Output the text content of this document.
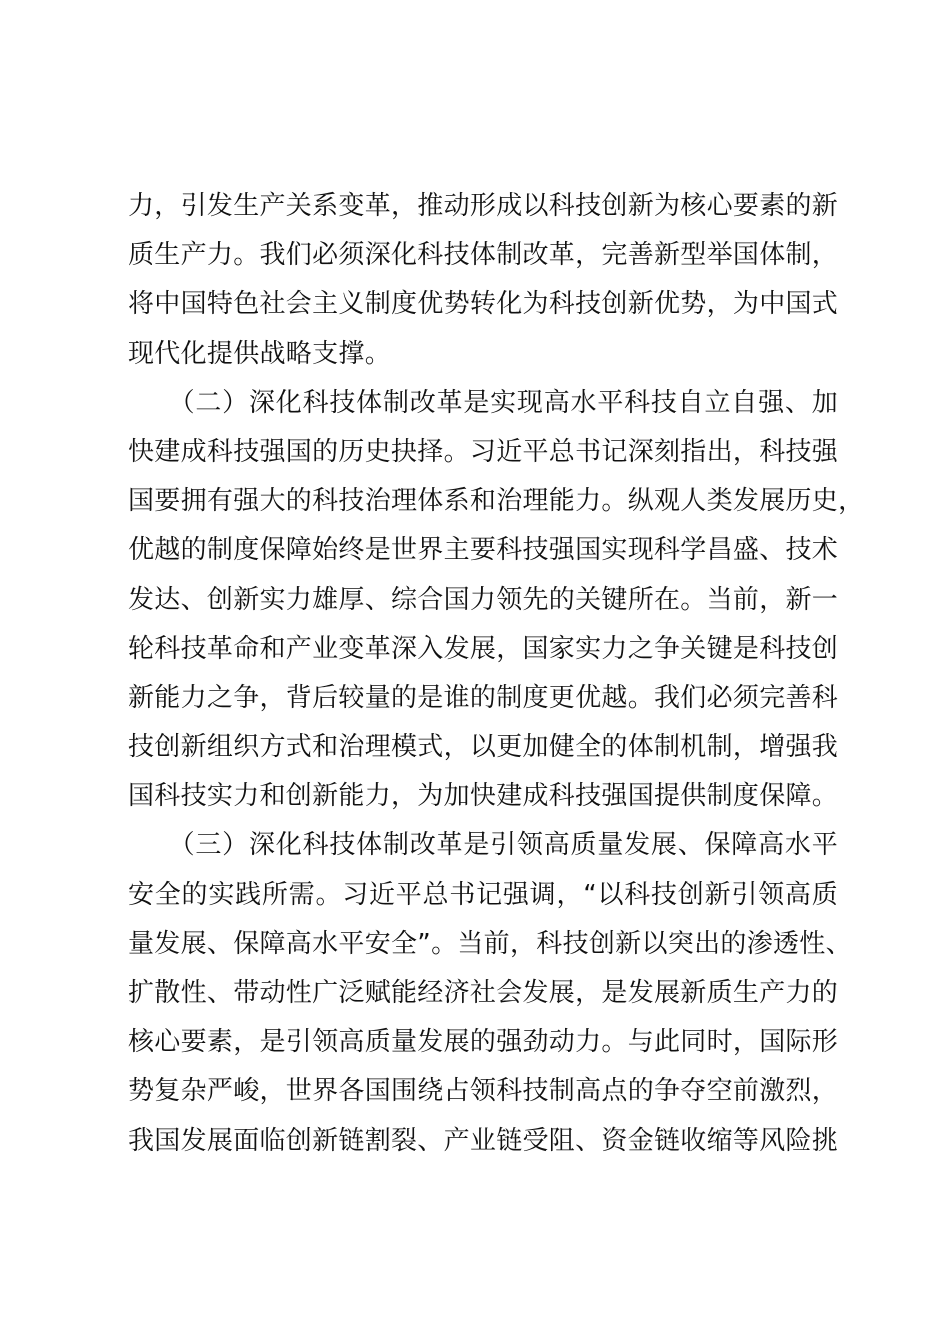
力，引发生产关系变革，推动形成以科技创新为核心要素的新
质生产力。我们必须深化科技体制改革，完善新型举国体制，
将中国特色社会主义制度优势转化为科技创新优势，为中国式
现代化提供战略支撑。
　　（二）深化科技体制改革是实现高水平科技自立自强、加
快建成科技强国的历史抉择。习近平总书记深刻指出，科技强
国要拥有强大的科技治理体系和治理能力。纵观人类发展历史，
优越的制度保障始终是世界主要科技强国实现科学昌盛、技术
发达、创新实力雄厚、综合国力领先的关键所在。当前，新一
轮科技革命和产业变革深入发展，国家实力之争关键是科技创
新能力之争，背后较量的是谁的制度更优越。我们必须完善科
技创新组织方式和治理模式，以更加健全的体制机制，增强我
国科技实力和创新能力，为加快建成科技强国提供制度保障。
　　（三）深化科技体制改革是引领高质量发展、保障高水平
安全的实践所需。习近平总书记强调，“以科技创新引领高质
量发展、保障高水平安全”。当前，科技创新以突出的渗透性、
扩散性、带动性广泛赋能经济社会发展，是发展新质生产力的
核心要素，是引领高质量发展的强劲动力。与此同时，国际形
势复杂严峻，世界各国围绕占领科技制高点的争夺空前激烈，
我国发展面临创新链割裂、产业链受阻、资金链收缩等风险挑
